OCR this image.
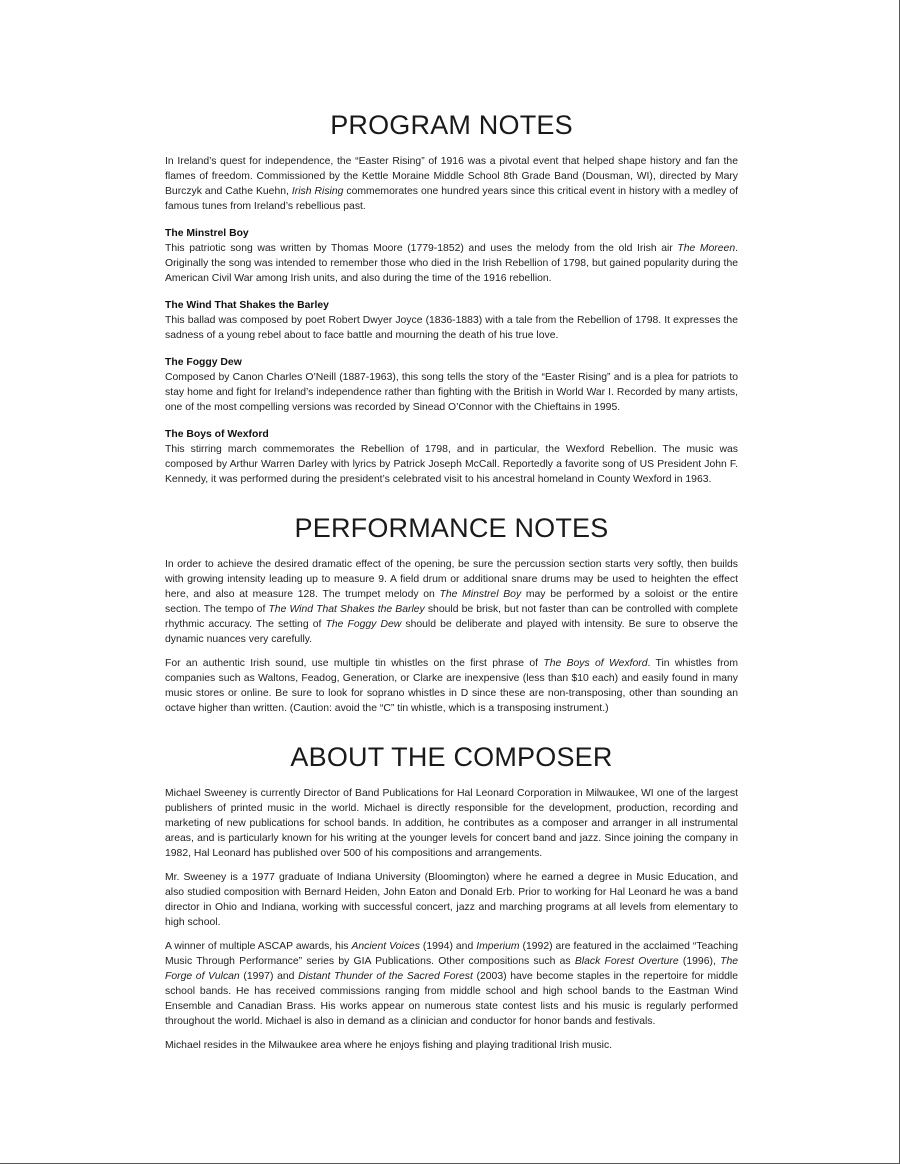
PROGRAM NOTES

In Ireland’s quest for independence, the “Easter Rising” of 1916 was a pivotal event that helped shape history and fan the flames of freedom. Commissioned by the Kettle Moraine Middle School 8th Grade Band (Dousman, WI), directed by Mary Burczyk and Cathe Kuehn, Irish Rising commemorates one hundred years since this critical event in history with a medley of famous tunes from Ireland’s rebellious past.

The Minstrel Boy

This patriotic song was written by Thomas Moore (1779-1852) and uses the melody from the old Irish air The Moreen. Originally the song was intended to remember those who died in the Irish Rebellion of 1798, but gained popularity during the American Civil War among Irish units, and also during the time of the 1916 rebellion.

The Wind That Shakes the Barley

This ballad was composed by poet Robert Dwyer Joyce (1836-1883) with a tale from the Rebellion of 1798. It expresses the sadness of a young rebel about to face battle and mourning the death of his true love.

The Foggy Dew

Composed by Canon Charles O’Neill (1887-1963), this song tells the story of the “Easter Rising” and is a plea for patriots to stay home and fight for Ireland’s independence rather than fighting with the British in World War I. Recorded by many artists, one of the most compelling versions was recorded by Sinead O’Connor with the Chieftains in 1995.

The Boys of Wexford

This stirring march commemorates the Rebellion of 1798, and in particular, the Wexford Rebellion. The music was composed by Arthur Warren Darley with lyrics by Patrick Joseph McCall. Reportedly a favorite song of US President John F. Kennedy, it was performed during the president’s celebrated visit to his ancestral homeland in County Wexford in 1963.

PERFORMANCE NOTES

In order to achieve the desired dramatic effect of the opening, be sure the percussion section starts very softly, then builds with growing intensity leading up to measure 9. A field drum or additional snare drums may be used to heighten the effect here, and also at measure 128. The trumpet melody on The Minstrel Boy may be performed by a soloist or the entire section. The tempo of The Wind That Shakes the Barley should be brisk, but not faster than can be controlled with complete rhythmic accuracy. The setting of The Foggy Dew should be deliberate and played with intensity. Be sure to observe the dynamic nuances very carefully.

For an authentic Irish sound, use multiple tin whistles on the first phrase of The Boys of Wexford. Tin whistles from companies such as Waltons, Feadog, Generation, or Clarke are inexpensive (less than $10 each) and easily found in many music stores or online. Be sure to look for soprano whistles in D since these are non-transposing, other than sounding an octave higher than written. (Caution: avoid the “C” tin whistle, which is a transposing instrument.)

ABOUT THE COMPOSER

Michael Sweeney is currently Director of Band Publications for Hal Leonard Corporation in Milwaukee, WI one of the largest publishers of printed music in the world. Michael is directly responsible for the development, production, recording and marketing of new publications for school bands. In addition, he contributes as a composer and arranger in all instrumental areas, and is particularly known for his writing at the younger levels for concert band and jazz. Since joining the company in 1982, Hal Leonard has published over 500 of his compositions and arrangements.

Mr. Sweeney is a 1977 graduate of Indiana University (Bloomington) where he earned a degree in Music Education, and also studied composition with Bernard Heiden, John Eaton and Donald Erb. Prior to working for Hal Leonard he was a band director in Ohio and Indiana, working with successful concert, jazz and marching programs at all levels from elementary to high school.

A winner of multiple ASCAP awards, his Ancient Voices (1994) and Imperium (1992) are featured in the acclaimed “Teaching Music Through Performance” series by GIA Publications. Other compositions such as Black Forest Overture (1996), The Forge of Vulcan (1997) and Distant Thunder of the Sacred Forest (2003) have become staples in the repertoire for middle school bands. He has received commissions ranging from middle school and high school bands to the Eastman Wind Ensemble and Canadian Brass. His works appear on numerous state contest lists and his music is regularly performed throughout the world. Michael is also in demand as a clinician and conductor for honor bands and festivals.

Michael resides in the Milwaukee area where he enjoys fishing and playing traditional Irish music.
